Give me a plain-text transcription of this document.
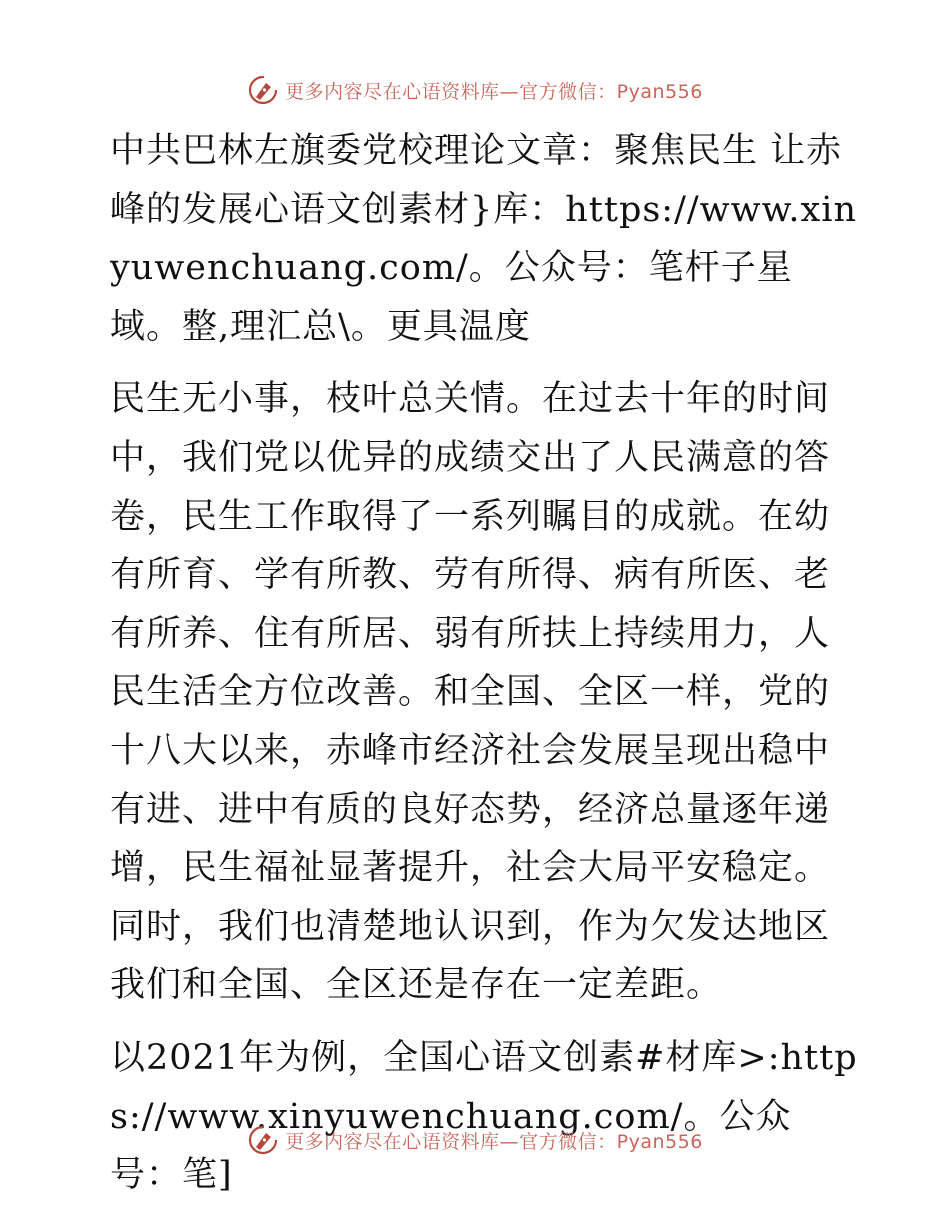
更多内容尽在心语资料库—官方微信：Pyan556

中共巴林左旗委党校理论文章：聚焦民生 让赤峰的发展心语文创素材}库：https://www.xinyuwenchuang.com/。公众号：笔杆子星域。整,理汇总\。更具温度

民生无小事，枝叶总关情。在过去十年的时间中，我们党以优异的成绩交出了人民满意的答卷，民生工作取得了一系列瞩目的成就。在幼有所育、学有所教、劳有所得、病有所医、老有所养、住有所居、弱有所扶上持续用力，人民生活全方位改善。和全国、全区一样，党的十八大以来，赤峰市经济社会发展呈现出稳中有进、进中有质的良好态势，经济总量逐年递增，民生福祉显著提升，社会大局平安稳定。同时，我们也清楚地认识到，作为欠发达地区我们和全国、全区还是存在一定差距。

以2021年为例，全国心语文创素#材库>:https://www.xinyuwenchuang.com/。公众号：笔]

更多内容尽在心语资料库—官方微信：Pyan556
